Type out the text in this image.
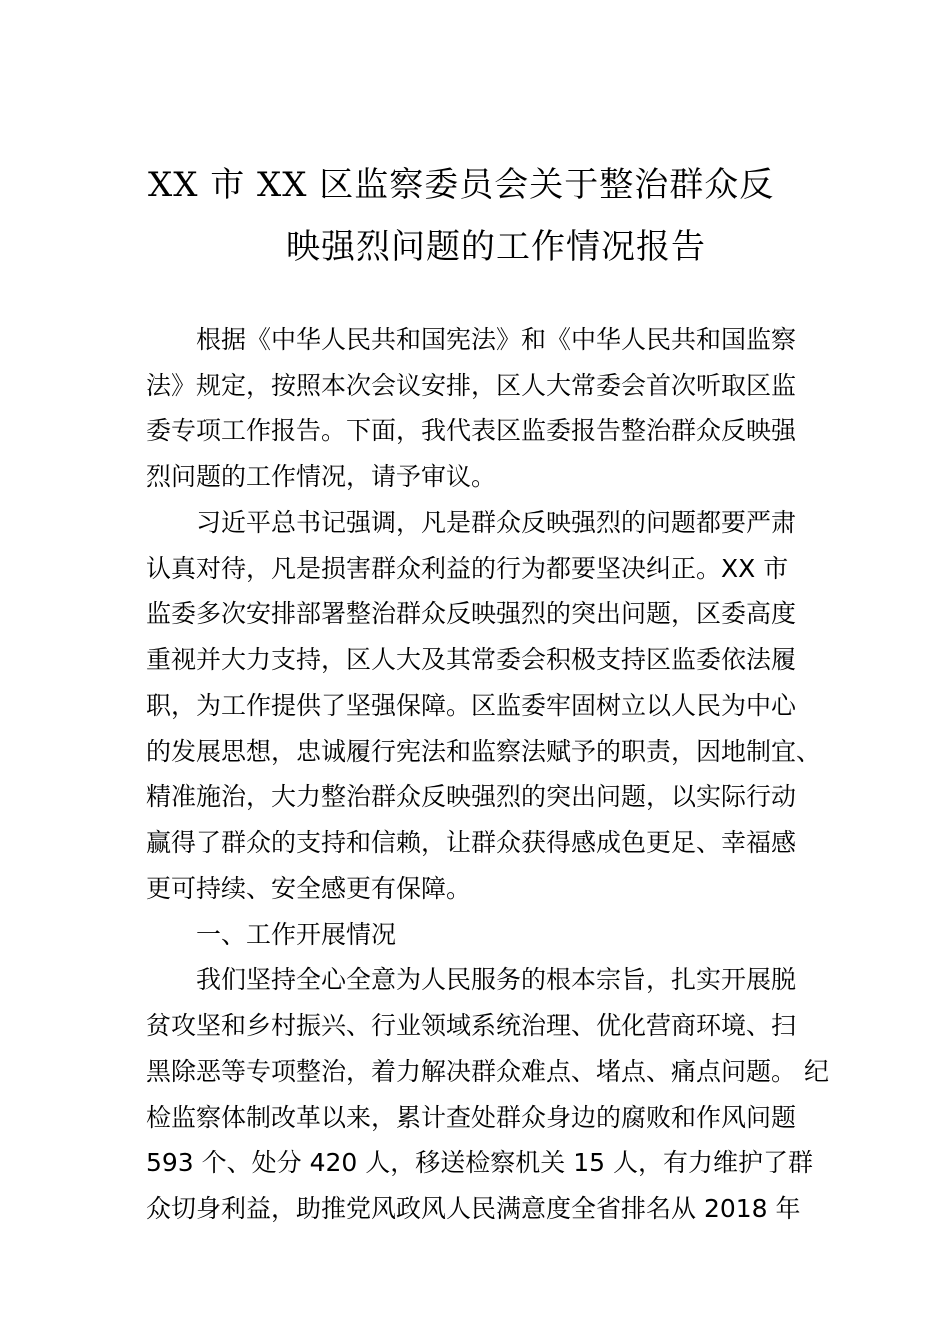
XX 市 XX 区监察委员会关于整治群众反
映强烈问题的工作情况报告
根据《中华人民共和国宪法》和《中华人民共和国监察
法》规定，按照本次会议安排，区人大常委会首次听取区监
委专项工作报告。下面，我代表区监委报告整治群众反映强
烈问题的工作情况，请予审议。
习近平总书记强调，凡是群众反映强烈的问题都要严肃
认真对待，凡是损害群众利益的行为都要坚决纠正。XX 市
监委多次安排部署整治群众反映强烈的突出问题，区委高度
重视并大力支持，区人大及其常委会积极支持区监委依法履
职，为工作提供了坚强保障。区监委牢固树立以人民为中心
的发展思想，忠诚履行宪法和监察法赋予的职责，因地制宜、
精准施治，大力整治群众反映强烈的突出问题，以实际行动
赢得了群众的支持和信赖，让群众获得感成色更足、幸福感
更可持续、安全感更有保障。
一、工作开展情况
我们坚持全心全意为人民服务的根本宗旨，扎实开展脱
贫攻坚和乡村振兴、行业领域系统治理、优化营商环境、扫
黑除恶等专项整治，着力解决群众难点、堵点、痛点问题。 纪
检监察体制改革以来，累计查处群众身边的腐败和作风问题
593 个、处分 420 人，移送检察机关 15 人，有力维护了群
众切身利益，助推党风政风人民满意度全省排名从 2018 年
